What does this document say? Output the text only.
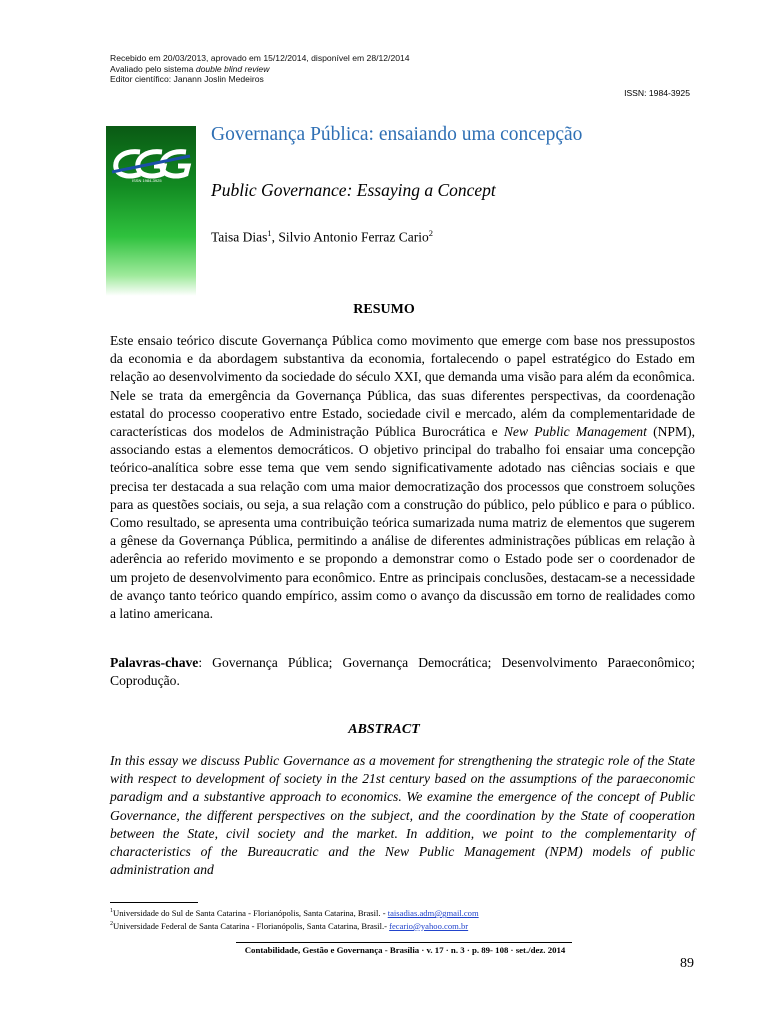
Recebido em 20/03/2013, aprovado em 15/12/2014, disponível em 28/12/2014
Avaliado pelo sistema double blind review
Editor científico: Janann Joslin Medeiros
ISSN: 1984-3925
ISSN 1984-3925
Governança Pública: ensaiando uma concepção
Public Governance: Essaying a Concept
Taisa Dias$^1$, Silvio Antonio Ferraz Cario$^2$
RESUMO

Este ensaio teórico discute Governança Pública como movimento que emerge com base nos pressupostos da economia e da abordagem substantiva da economia, fortalecendo o papel estratégico do Estado em relação ao desenvolvimento da sociedade do século XXI, que demanda uma visão para além da econômica. Nele se trata da emergência da Governança Pública, das suas diferentes perspectivas, da coordenação estatal do processo cooperativo entre Estado, sociedade civil e mercado, além da complementaridade de características dos modelos de Administração Pública Burocrática e New Public Management (NPM), associando estas a elementos democráticos. O objetivo principal do trabalho foi ensaiar uma concepção teórico-analítica sobre esse tema que vem sendo significativamente adotado nas ciências sociais e que precisa ter destacada a sua relação com uma maior democratização dos processos que constroem soluções para as questões sociais, ou seja, a sua relação com a construção do público, pelo público e para o público. Como resultado, se apresenta uma contribuição teórica sumarizada numa matriz de elementos que sugerem a gênese da Governança Pública, permitindo a análise de diferentes administrações públicas em relação à aderência ao referido movimento e se propondo a demonstrar como o Estado pode ser o coordenador de um projeto de desenvolvimento para econômico. Entre as principais conclusões, destacam-se a necessidade de avanço tanto teórico quando empírico, assim como o avanço da discussão em torno de realidades como a latino americana.

Palavras-chave: Governança Pública; Governança Democrática; Desenvolvimento Paraeconômico; Coprodução.

ABSTRACT

In this essay we discuss Public Governance as a movement for strengthening the strategic role of the State with respect to development of society in the 21st century based on the assumptions of the paraeconomic paradigm and a substantive approach to economics. We examine the emergence of the concept of Public Governance, the different perspectives on the subject, and the coordination by the State of cooperation between the State, civil society and the market. In addition, we point to the complementarity of characteristics of the Bureaucratic and the New Public Management (NPM) models of public administration and

$^1$Universidade do Sul de Santa Catarina - Florianópolis, Santa Catarina, Brasil. - taisadias.adm@gmail.com
$^2$Universidade Federal de Santa Catarina - Florianópolis, Santa Catarina, Brasil.- fecario@yahoo.com.br
Contabilidade, Gestão e Governança - Brasília · v. 17 · n. 3 · p. 89- 108 · set./dez. 2014
89
